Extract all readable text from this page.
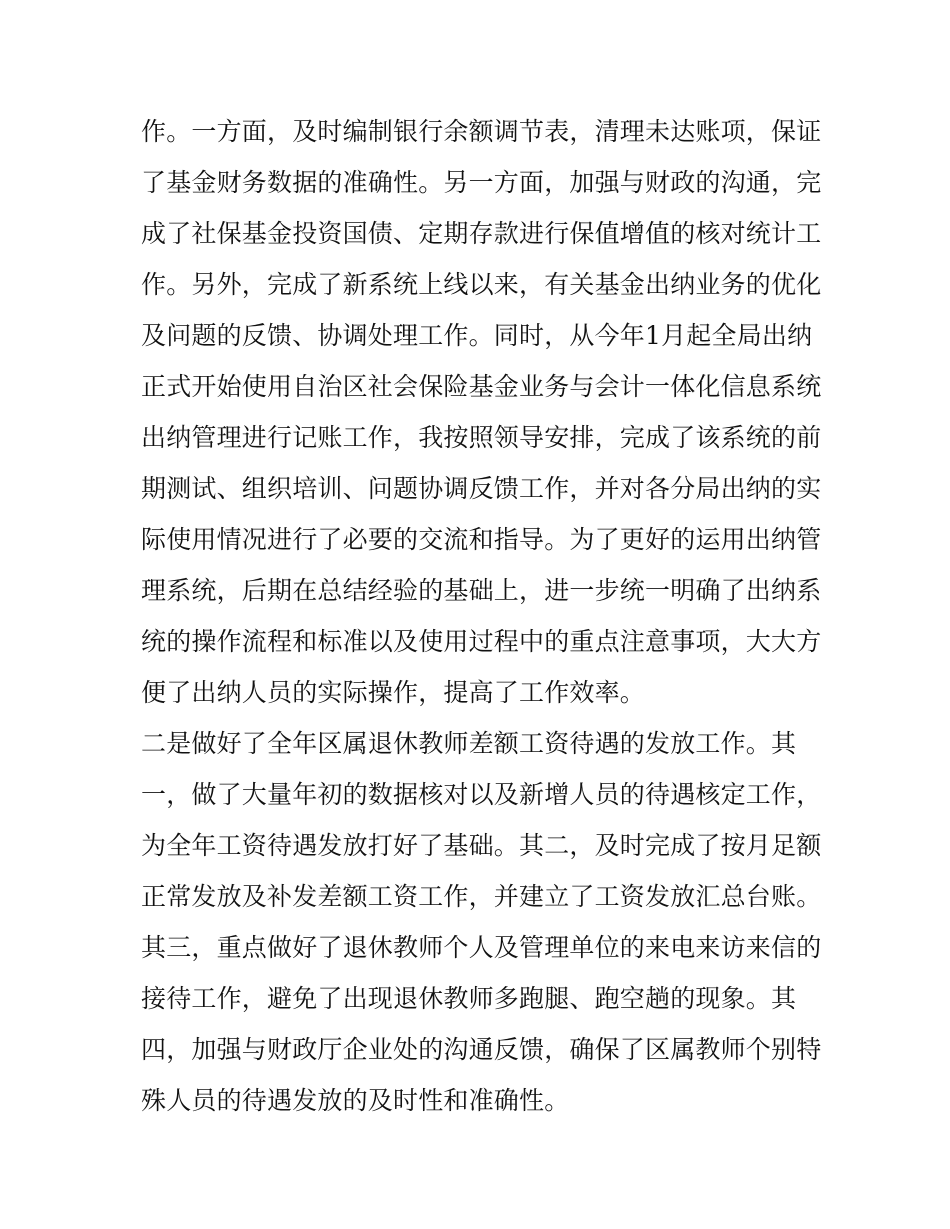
作。一方面，及时编制银行余额调节表，清理未达账项，保证
了基金财务数据的准确性。另一方面，加强与财政的沟通，完
成了社保基金投资国债、定期存款进行保值增值的核对统计工
作。另外，完成了新系统上线以来，有关基金出纳业务的优化
及问题的反馈、协调处理工作。同时，从今年1月起全局出纳
正式开始使用自治区社会保险基金业务与会计一体化信息系统
出纳管理进行记账工作，我按照领导安排，完成了该系统的前
期测试、组织培训、问题协调反馈工作，并对各分局出纳的实
际使用情况进行了必要的交流和指导。为了更好的运用出纳管
理系统，后期在总结经验的基础上，进一步统一明确了出纳系
统的操作流程和标准以及使用过程中的重点注意事项，大大方
便了出纳人员的实际操作，提高了工作效率。
二是做好了全年区属退休教师差额工资待遇的发放工作。其
一，做了大量年初的数据核对以及新增人员的待遇核定工作，
为全年工资待遇发放打好了基础。其二，及时完成了按月足额
正常发放及补发差额工资工作，并建立了工资发放汇总台账。
其三，重点做好了退休教师个人及管理单位的来电来访来信的
接待工作，避免了出现退休教师多跑腿、跑空趟的现象。其
四，加强与财政厅企业处的沟通反馈，确保了区属教师个别特
殊人员的待遇发放的及时性和准确性。
